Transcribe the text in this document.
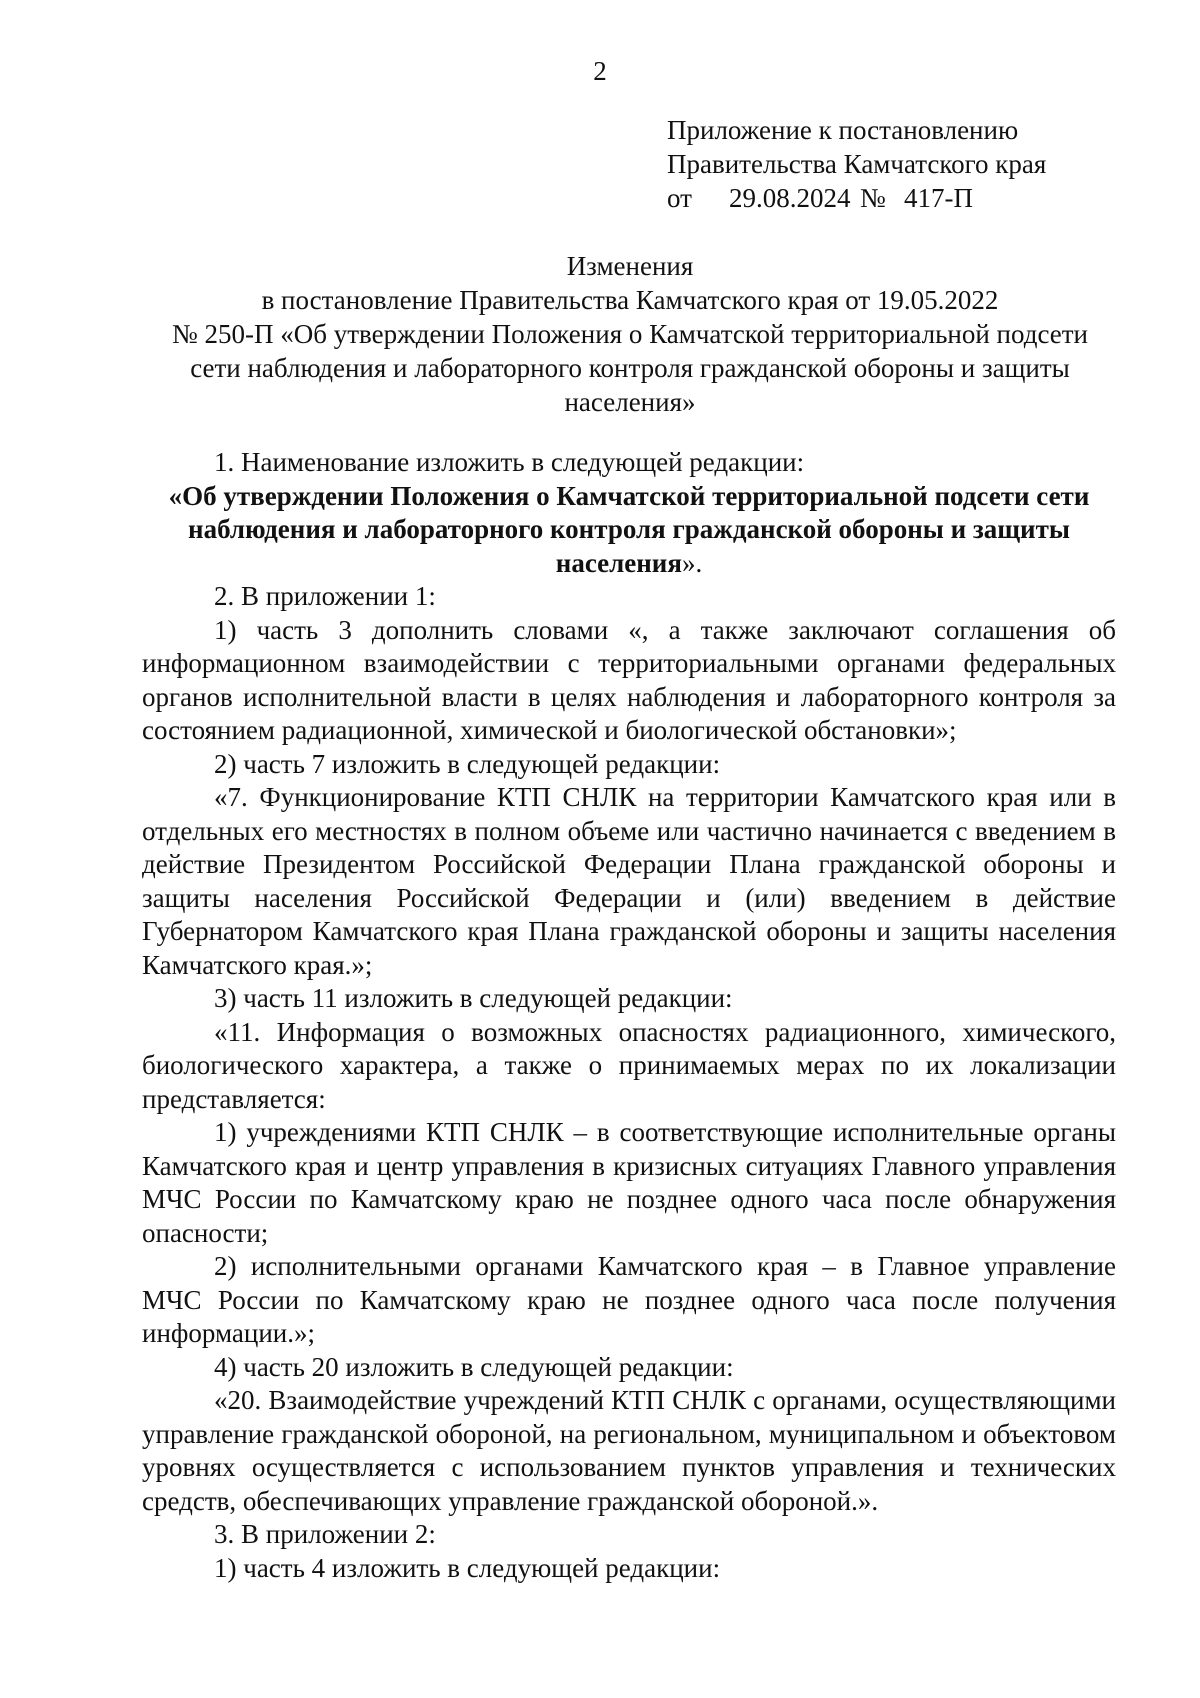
2
Приложение к постановлению
Правительства Камчатского края
от 29.08.2024 № 417-П
Изменения
в постановление Правительства Камчатского края от 19.05.2022
№ 250-П «Об утверждении Положения о Камчатской территориальной подсети
сети наблюдения и лабораторного контроля гражданской обороны и защиты
населения»

1. Наименование изложить в следующей редакции:

«Об утверждении Положения о Камчатской территориальной подсети сети наблюдения и лабораторного контроля гражданской обороны и защиты населения».

2. В приложении 1:

1) часть 3 дополнить словами «, а также заключают соглашения об информационном взаимодействии с территориальными органами федеральных органов исполнительной власти в целях наблюдения и лабораторного контроля за состоянием радиационной, химической и биологической обстановки»;

2) часть 7 изложить в следующей редакции:

«7. Функционирование КТП СНЛК на территории Камчатского края или в отдельных его местностях в полном объеме или частично начинается с введением в действие Президентом Российской Федерации Плана гражданской обороны и защиты населения Российской Федерации и (или) введением в действие Губернатором Камчатского края Плана гражданской обороны и защиты населения Камчатского края.»;

3) часть 11 изложить в следующей редакции:

«11. Информация о возможных опасностях радиационного, химического, биологического характера, а также о принимаемых мерах по их локализации представляется:

1) учреждениями КТП СНЛК – в соответствующие исполнительные органы Камчатского края и центр управления в кризисных ситуациях Главного управления МЧС России по Камчатскому краю не позднее одного часа после обнаружения опасности;

2) исполнительными органами Камчатского края – в Главное управление МЧС России по Камчатскому краю не позднее одного часа после получения информации.»;

4) часть 20 изложить в следующей редакции:

«20. Взаимодействие учреждений КТП СНЛК с органами, осуществляющими управление гражданской обороной, на региональном, муниципальном и объектовом уровнях осуществляется с использованием пунктов управления и технических средств, обеспечивающих управление гражданской обороной.».

3. В приложении 2:

1) часть 4 изложить в следующей редакции:
